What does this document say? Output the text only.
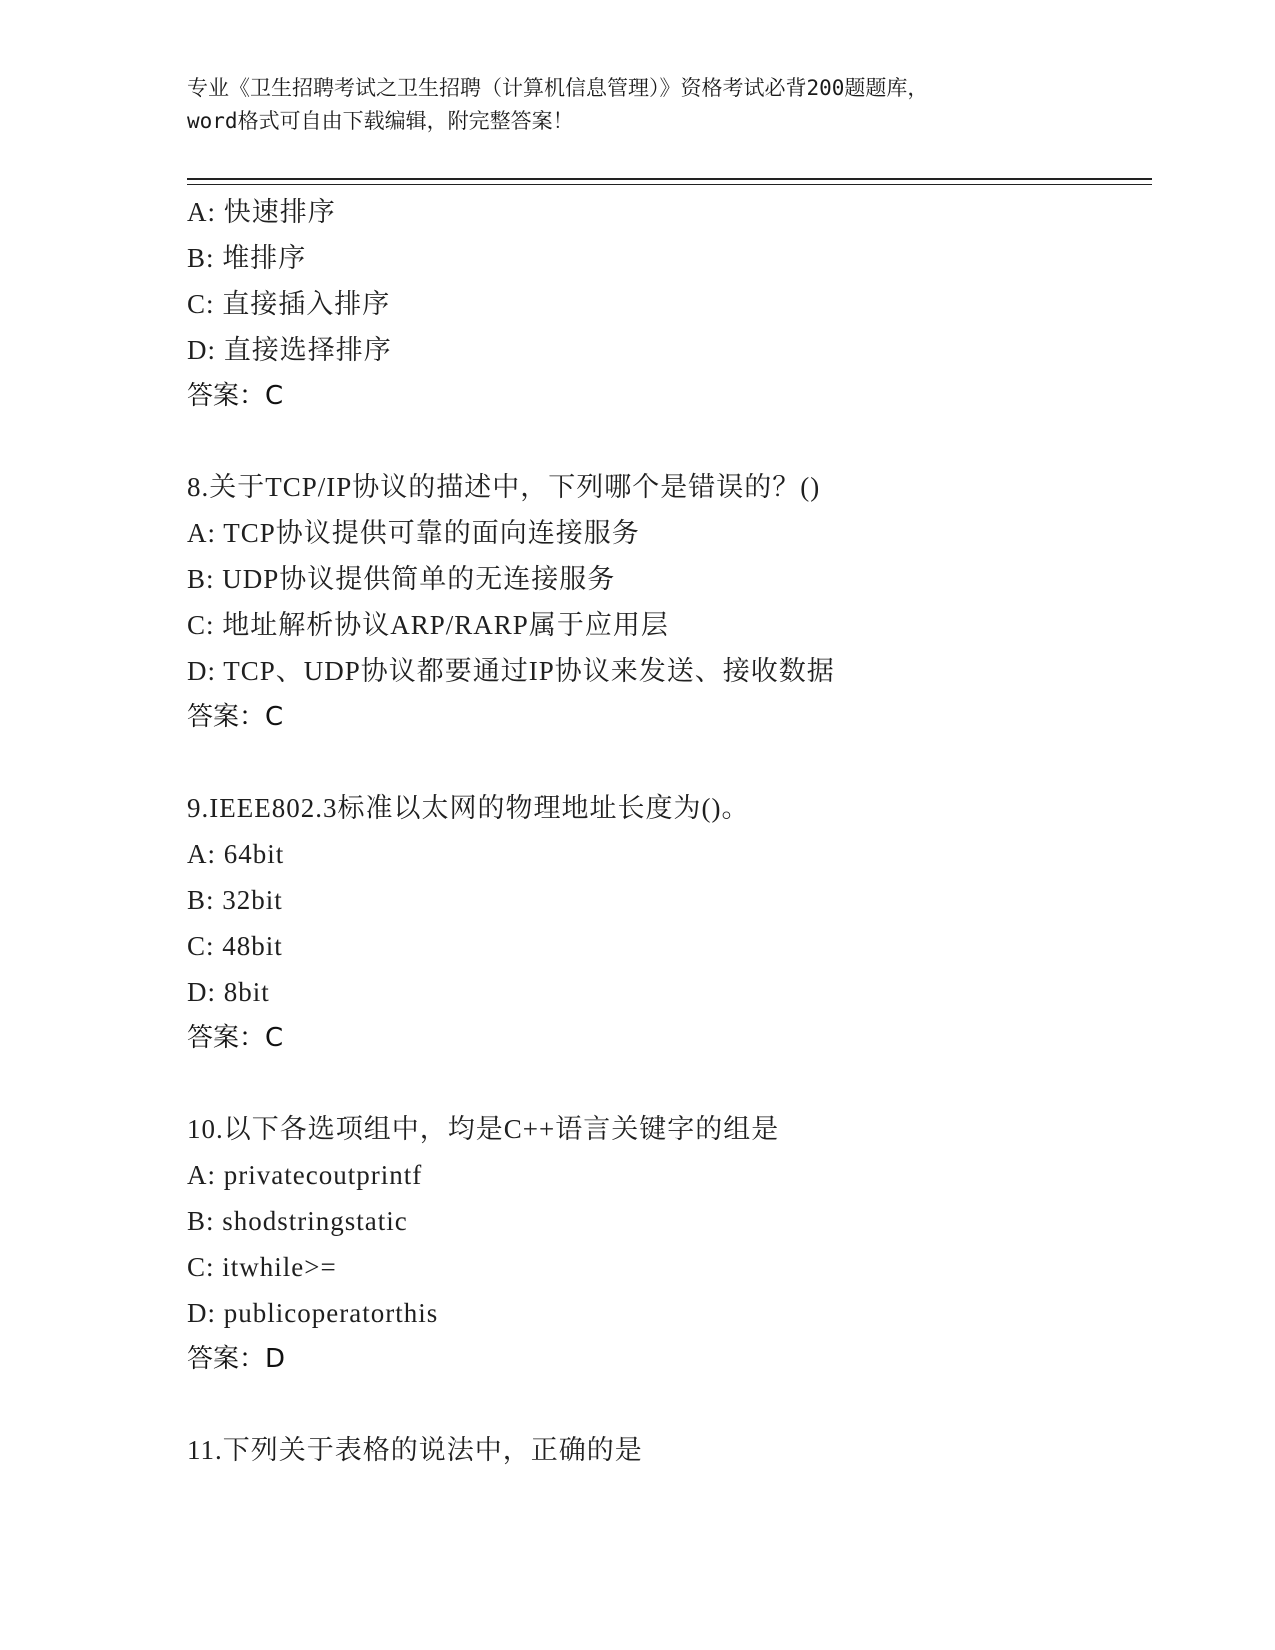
专业《卫生招聘考试之卫生招聘（计算机信息管理）》资格考试必背200题题库，
word格式可自由下载编辑，附完整答案！
A: 快速排序
B: 堆排序
C: 直接插入排序
D: 直接选择排序
答案：C
8.关于TCP/IP协议的描述中，下列哪个是错误的？()
A: TCP协议提供可靠的面向连接服务
B: UDP协议提供简单的无连接服务
C: 地址解析协议ARP/RARP属于应用层
D: TCP、UDP协议都要通过IP协议来发送、接收数据
答案：C
9.IEEE802.3标准以太网的物理地址长度为()。
A: 64bit
B: 32bit
C: 48bit
D: 8bit
答案：C
10.以下各选项组中，均是C++语言关键字的组是
A: privatecoutprintf
B: shodstringstatic
C: itwhile>=
D: publicoperatorthis
答案：D
11.下列关于表格的说法中，正确的是
